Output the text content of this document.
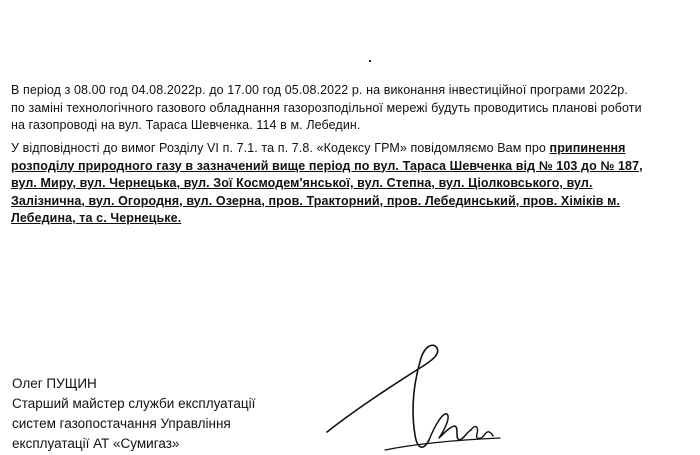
В період з 08.00 год 04.08.2022р. до 17.00 год 05.08.2022 р. на виконання інвестиційної програми 2022р.

по заміні технологічного газового обладнання газорозподільної мережі будуть проводитись планові роботи

на газопроводі на вул. Тараса Шевченка. 114 в м. Лебедин.

У відповідності до вимог Розділу VI п. 7.1. та п. 7.8. «Кодексу ГРМ» повідомляємо Вам про припинення

розподілу природного газу в зазначений вище період по вул. Тараса Шевченка від № 103 до № 187,

вул. Миру, вул. Чернецька, вул. Зої Космодем'янської, вул. Степна, вул. Ціолковського, вул.

Залізнична, вул. Огородня, вул. Озерна, пров. Тракторний, пров. Лебединський, пров. Хіміків м.

Лебедина, та с. Чернецьке.

Олег ПУЩИН
Старший майстер служби експлуатації
систем газопостачання Управління
експлуатації АТ «Сумигаз»
